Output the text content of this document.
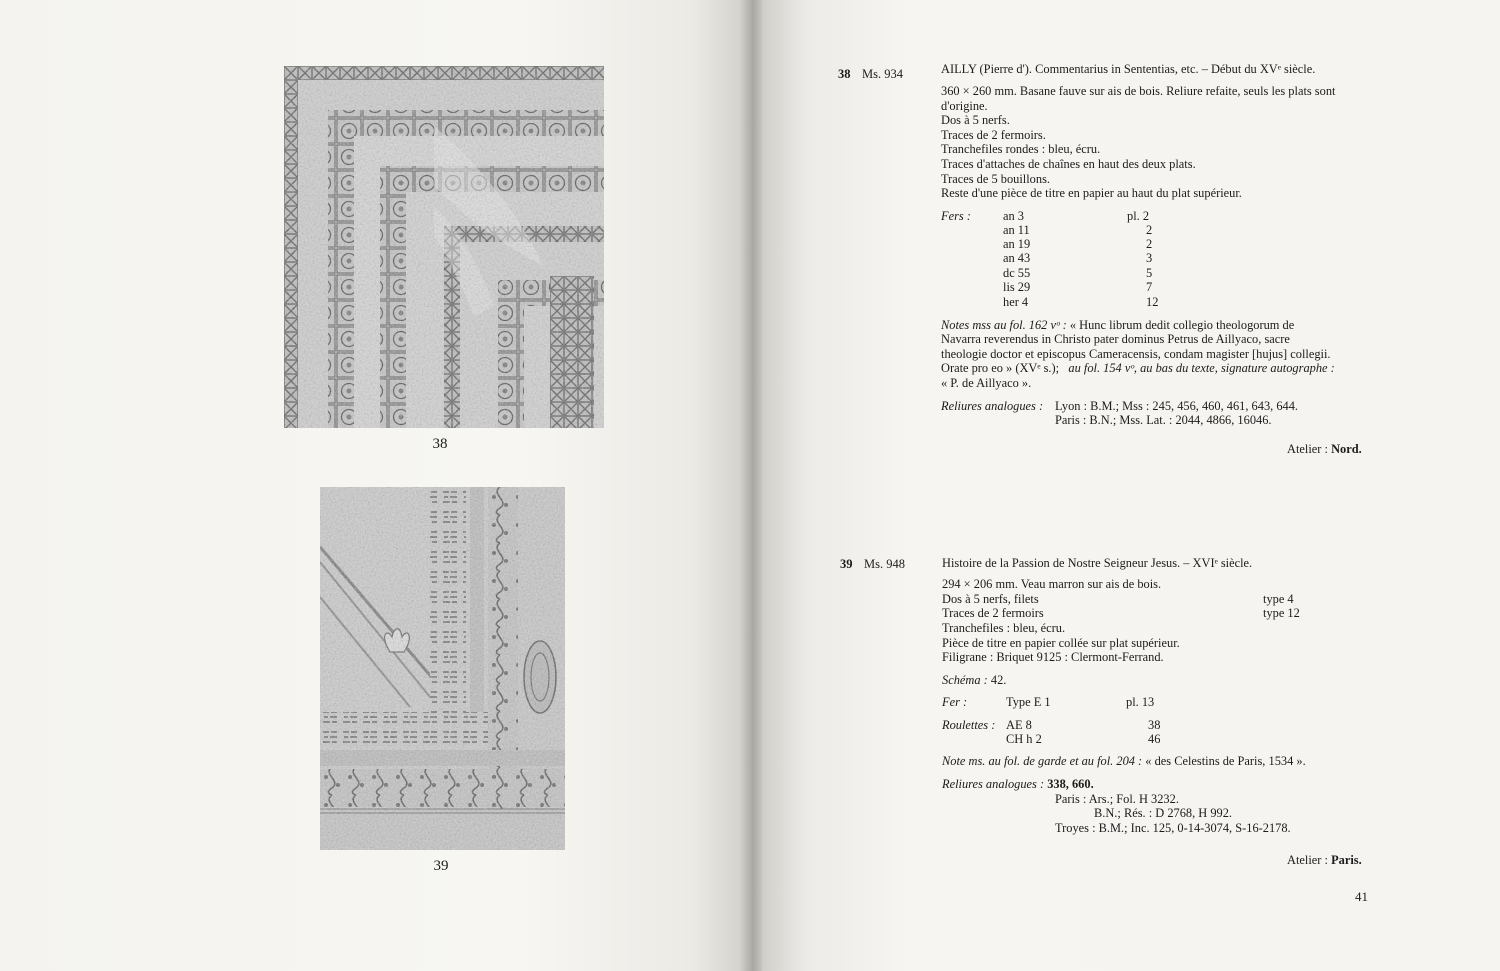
38
39
38 Ms. 934	AILLY (Pierre d'). Commentarius in Sententias, etc. – Début du XVᵉ siècle.
360 × 260 mm. Basane fauve sur ais de bois. Reliure refaite, seuls les plats sont
d'origine.
Dos à 5 nerfs.
Traces de 2 fermoirs.
Tranchefiles rondes : bleu, écru.
Traces d'attaches de chaînes en haut des deux plats.
Traces de 5 bouillons.
Reste d'une pièce de titre en papier au haut du plat supérieur.
Fers :	an 3	pl. 2
an 11	2
an 19	2
an 43	3
dc 55	5
lis 29	7
her 4	12
Notes mss au fol. 162 vᵒ : « Hunc librum dedit collegio theologorum de
Navarra reverendus in Christo pater dominus Petrus de Aillyaco, sacre
theologie doctor et episcopus Cameracensis, condam magister [hujus] collegii.
Orate pro eo » (XVᵉ s.); au fol. 154 vᵒ, au bas du texte, signature autographe :
« P. de Aillyaco ».
Reliures analogues : Lyon : B.M.; Mss : 245, 456, 460, 461, 643, 644.
Paris : B.N.; Mss. Lat. : 2044, 4866, 16046.
Atelier : Nord.
39 Ms. 948	Histoire de la Passion de Nostre Seigneur Jesus. – XVIᵉ siècle.
294 × 206 mm. Veau marron sur ais de bois.
Dos à 5 nerfs, filets	type 4
Traces de 2 fermoirs	type 12
Tranchefiles : bleu, écru.
Pièce de titre en papier collée sur plat supérieur.
Filigrane : Briquet 9125 : Clermont-Ferrand.
Schéma : 42.
Fer :	Type E 1	pl. 13
Roulettes : AE 8	38
CH h 2	46
Note ms. au fol. de garde et au fol. 204 : « des Celestins de Paris, 1534 ».
Reliures analogues : 338, 660.
Paris : Ars.; Fol. H 3232.
B.N.; Rés. : D 2768, H 992.
Troyes : B.M.; Inc. 125, 0-14-3074, S-16-2178.
Atelier : Paris.
41
